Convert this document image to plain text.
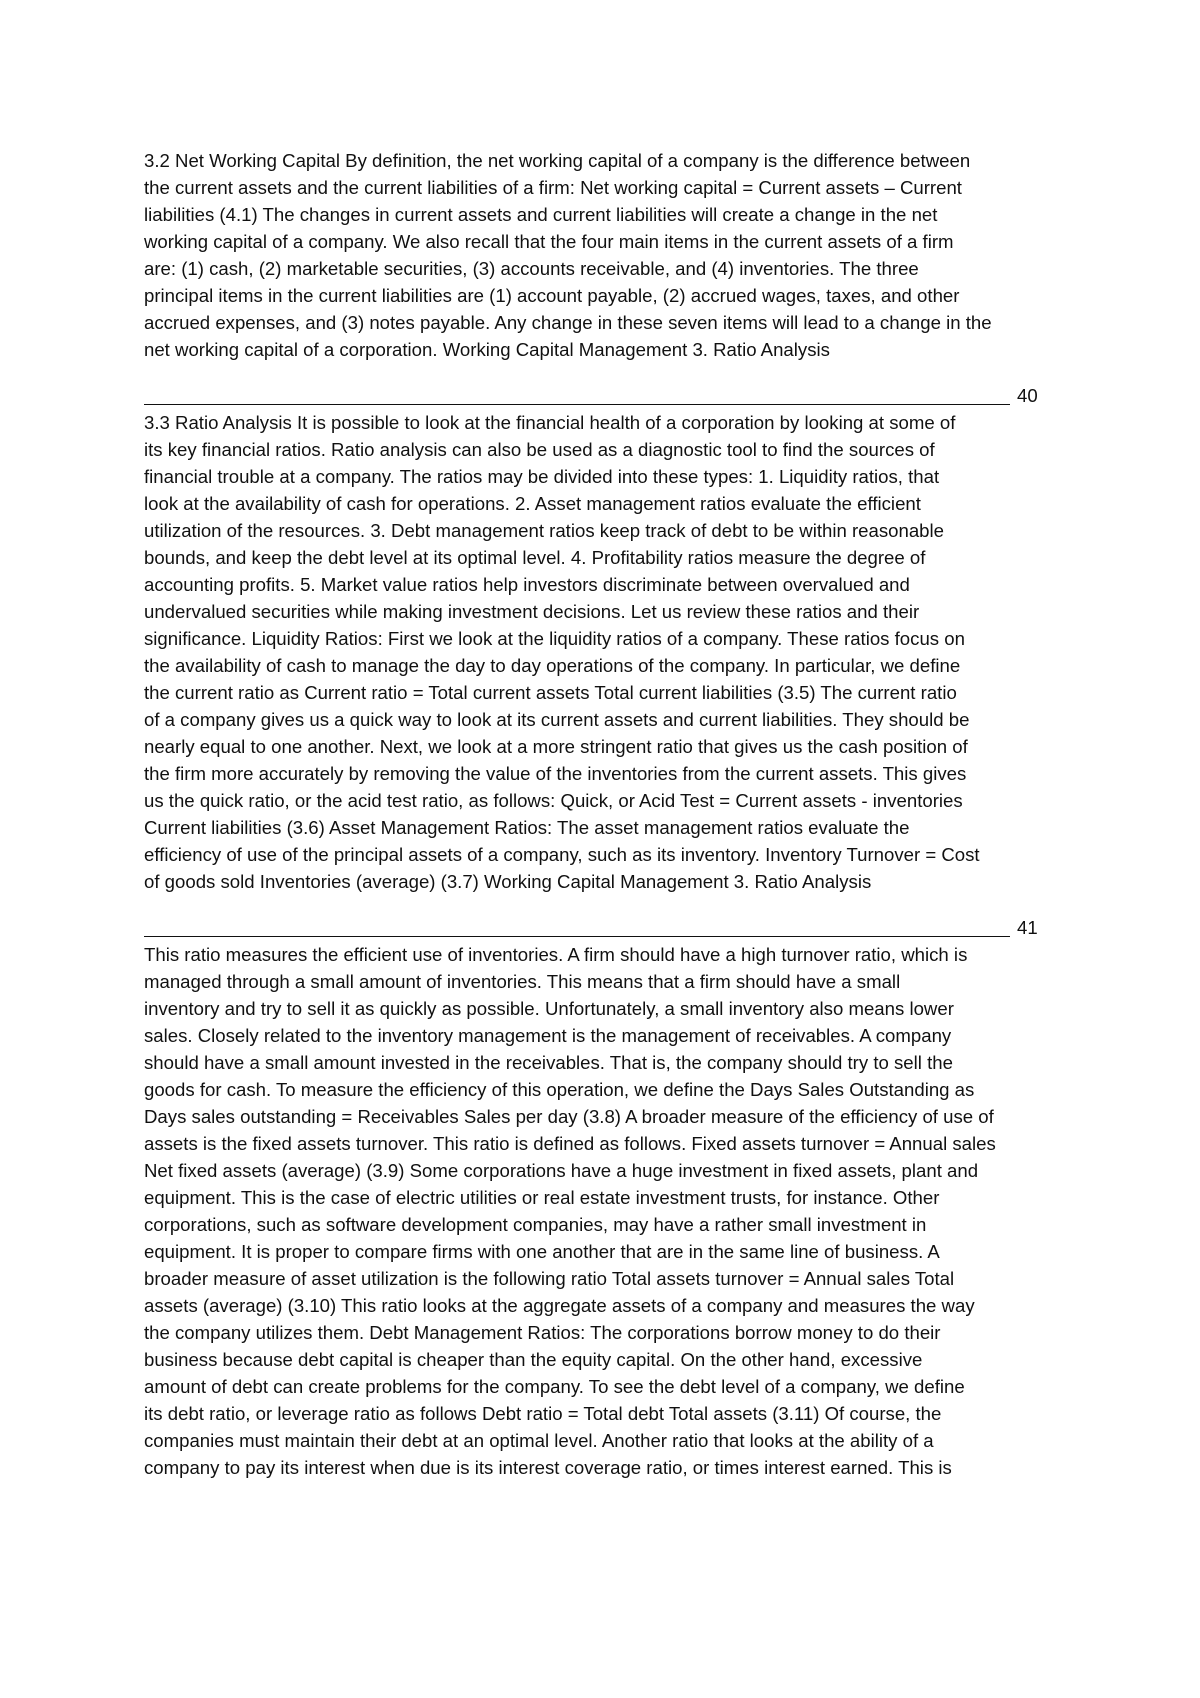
3.2 Net Working Capital By definition, the net working capital of a company is the difference between
the current assets and the current liabilities of a firm: Net working capital = Current assets – Current
liabilities (4.1) The changes in current assets and current liabilities will create a change in the net
working capital of a company. We also recall that the four main items in the current assets of a firm
are: (1) cash, (2) marketable securities, (3) accounts receivable, and (4) inventories. The three
principal items in the current liabilities are (1) account payable, (2) accrued wages, taxes, and other
accrued expenses, and (3) notes payable. Any change in these seven items will lead to a change in the
net working capital of a corporation. Working Capital Management 3. Ratio Analysis
40
3.3 Ratio Analysis It is possible to look at the financial health of a corporation by looking at some of
its key financial ratios. Ratio analysis can also be used as a diagnostic tool to find the sources of
financial trouble at a company. The ratios may be divided into these types: 1. Liquidity ratios, that
look at the availability of cash for operations. 2. Asset management ratios evaluate the efficient
utilization of the resources. 3. Debt management ratios keep track of debt to be within reasonable
bounds, and keep the debt level at its optimal level. 4. Profitability ratios measure the degree of
accounting profits. 5. Market value ratios help investors discriminate between overvalued and
undervalued securities while making investment decisions. Let us review these ratios and their
significance. Liquidity Ratios: First we look at the liquidity ratios of a company. These ratios focus on
the availability of cash to manage the day to day operations of the company. In particular, we define
the current ratio as Current ratio = Total current assets Total current liabilities (3.5) The current ratio
of a company gives us a quick way to look at its current assets and current liabilities. They should be
nearly equal to one another. Next, we look at a more stringent ratio that gives us the cash position of
the firm more accurately by removing the value of the inventories from the current assets. This gives
us the quick ratio, or the acid test ratio, as follows: Quick, or Acid Test = Current assets - inventories
Current liabilities (3.6) Asset Management Ratios: The asset management ratios evaluate the
efficiency of use of the principal assets of a company, such as its inventory. Inventory Turnover = Cost
of goods sold Inventories (average) (3.7) Working Capital Management 3. Ratio Analysis
41
This ratio measures the efficient use of inventories. A firm should have a high turnover ratio, which is
managed through a small amount of inventories. This means that a firm should have a small
inventory and try to sell it as quickly as possible. Unfortunately, a small inventory also means lower
sales. Closely related to the inventory management is the management of receivables. A company
should have a small amount invested in the receivables. That is, the company should try to sell the
goods for cash. To measure the efficiency of this operation, we define the Days Sales Outstanding as
Days sales outstanding = Receivables Sales per day (3.8) A broader measure of the efficiency of use of
assets is the fixed assets turnover. This ratio is defined as follows. Fixed assets turnover = Annual sales
Net fixed assets (average) (3.9) Some corporations have a huge investment in fixed assets, plant and
equipment. This is the case of electric utilities or real estate investment trusts, for instance. Other
corporations, such as software development companies, may have a rather small investment in
equipment. It is proper to compare firms with one another that are in the same line of business. A
broader measure of asset utilization is the following ratio Total assets turnover = Annual sales Total
assets (average) (3.10) This ratio looks at the aggregate assets of a company and measures the way
the company utilizes them. Debt Management Ratios: The corporations borrow money to do their
business because debt capital is cheaper than the equity capital. On the other hand, excessive
amount of debt can create problems for the company. To see the debt level of a company, we define
its debt ratio, or leverage ratio as follows Debt ratio = Total debt Total assets (3.11) Of course, the
companies must maintain their debt at an optimal level. Another ratio that looks at the ability of a
company to pay its interest when due is its interest coverage ratio, or times interest earned. This is
